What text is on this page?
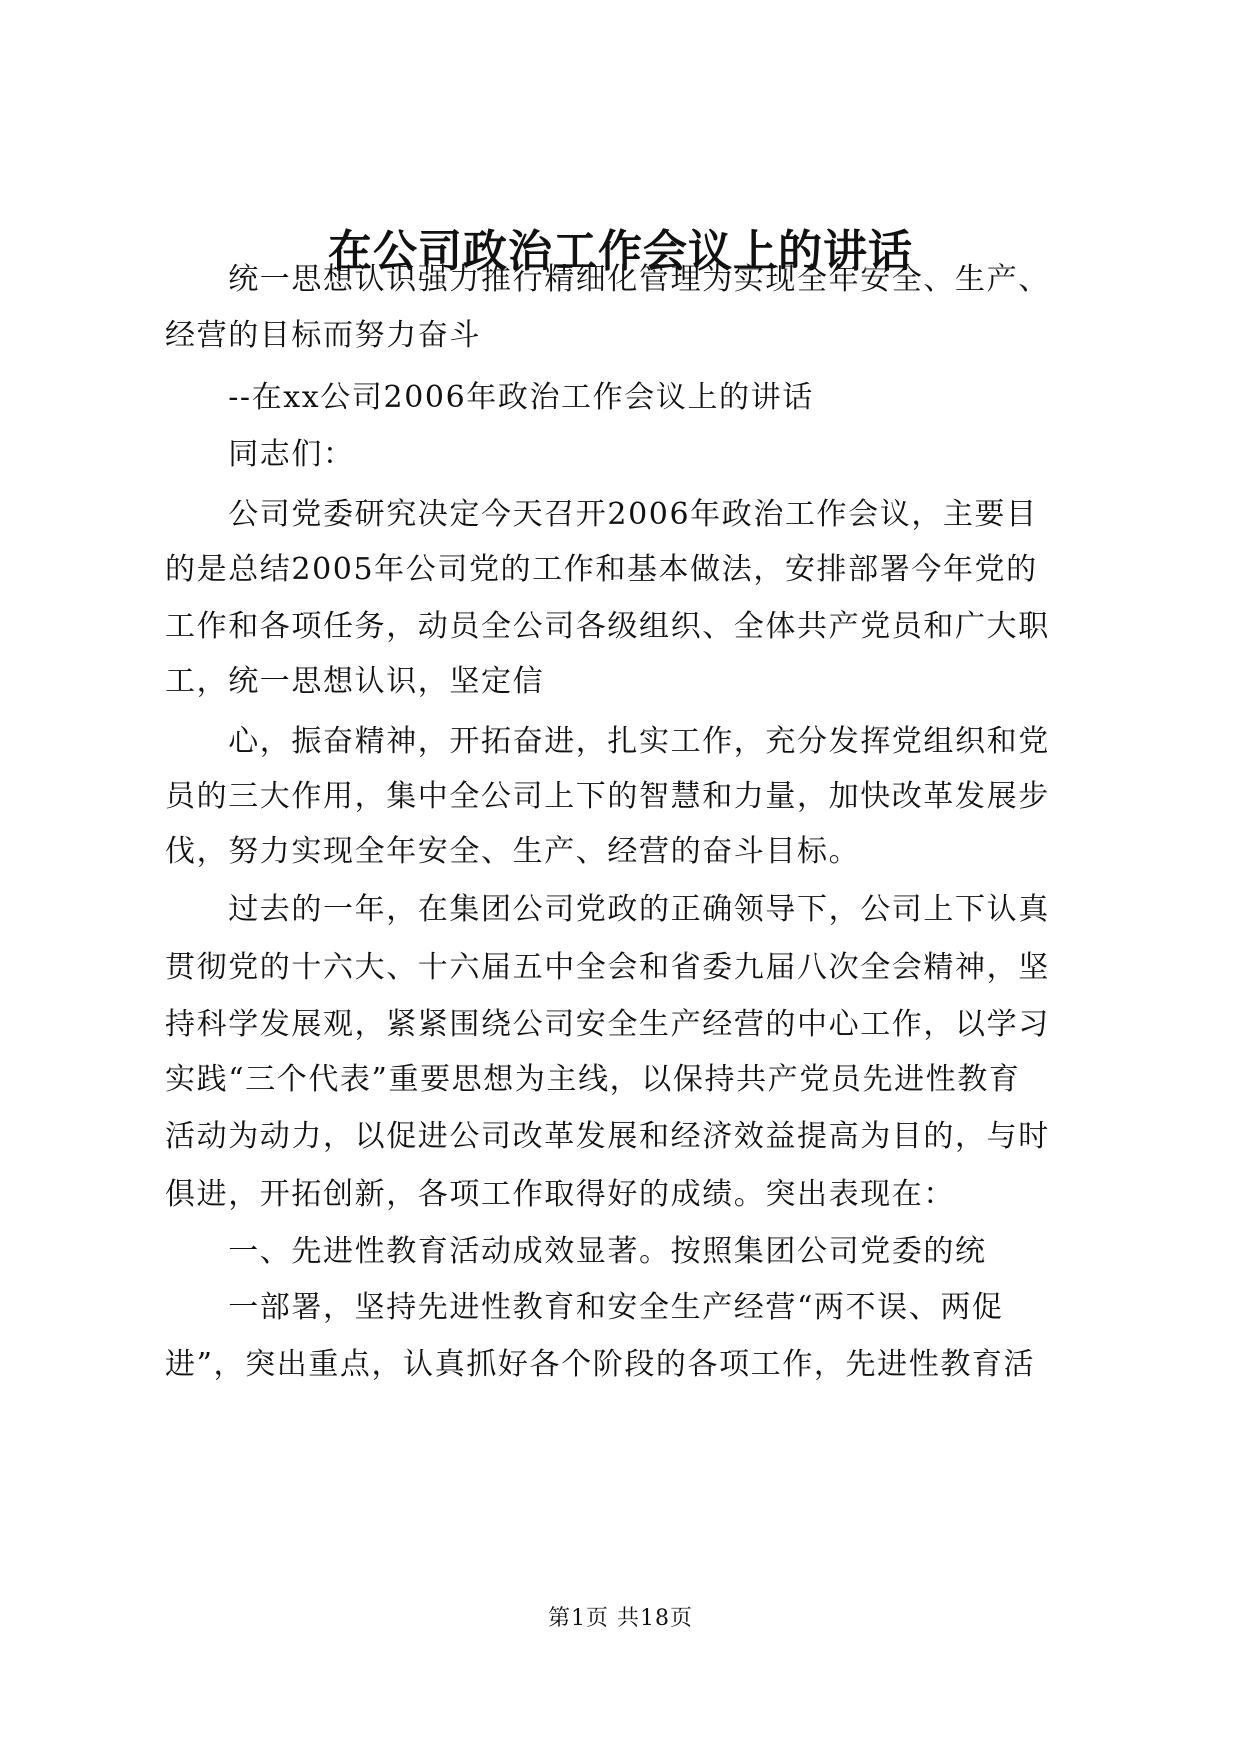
在公司政治工作会议上的讲话
　　统一思想认识强力推行精细化管理为实现全年安全、生产、
经营的目标而努力奋斗
　　--在xx公司2006年政治工作会议上的讲话
　　同志们：
　　公司党委研究决定今天召开2006年政治工作会议，主要目
的是总结2005年公司党的工作和基本做法，安排部署今年党的
工作和各项任务，动员全公司各级组织、全体共产党员和广大职
工，统一思想认识，坚定信
　　心，振奋精神，开拓奋进，扎实工作，充分发挥党组织和党
员的三大作用，集中全公司上下的智慧和力量，加快改革发展步
伐，努力实现全年安全、生产、经营的奋斗目标。
　　过去的一年，在集团公司党政的正确领导下，公司上下认真
贯彻党的十六大、十六届五中全会和省委九届八次全会精神，坚
持科学发展观，紧紧围绕公司安全生产经营的中心工作，以学习
实践“三个代表”重要思想为主线，以保持共产党员先进性教育
活动为动力，以促进公司改革发展和经济效益提高为目的，与时
俱进，开拓创新，各项工作取得好的成绩。突出表现在：
　　一、先进性教育活动成效显著。按照集团公司党委的统
　　一部署，坚持先进性教育和安全生产经营“两不误、两促
进”，突出重点，认真抓好各个阶段的各项工作，先进性教育活
第1页 共18页
